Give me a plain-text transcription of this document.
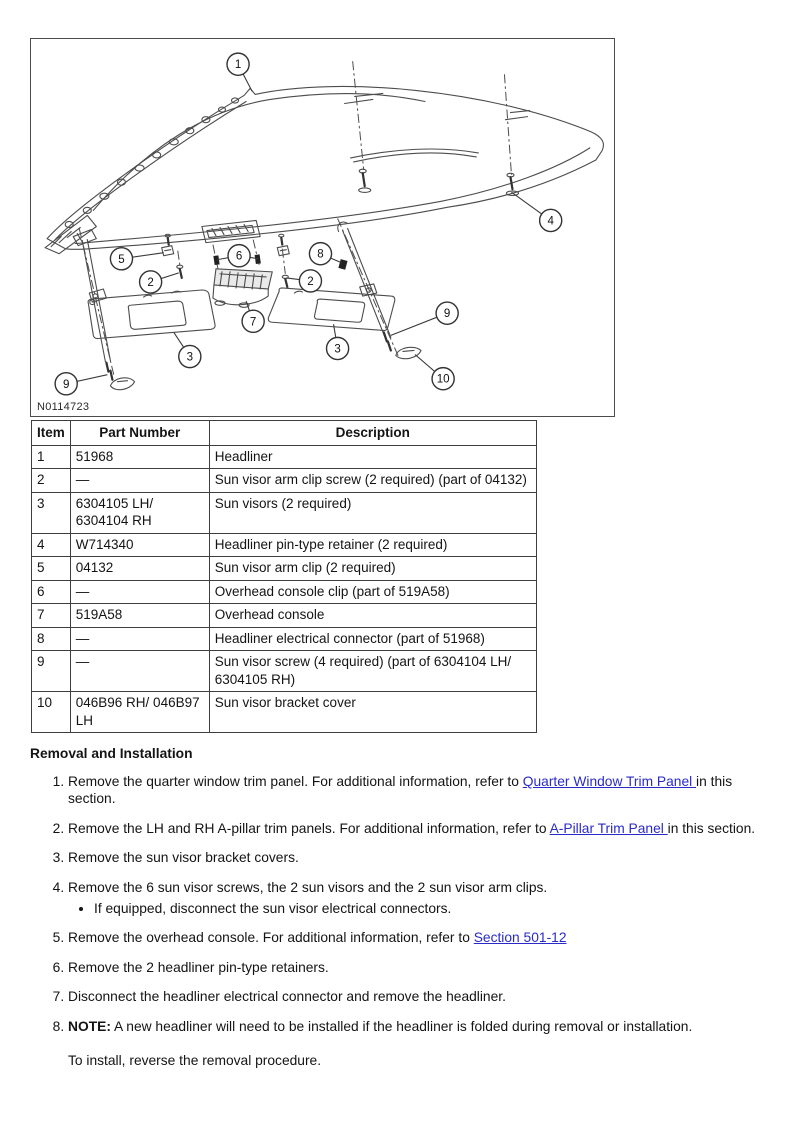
1
4
5
2
6
2
8
7
3
3
9
9
10
N0114723
Item	Part Number	Description
1	51968	Headliner
2	—	Sun visor arm clip screw (2 required) (part of 04132)
3	6304105 LH/ 6304104 RH	Sun visors (2 required)
4	W714340	Headliner pin-type retainer (2 required)
5	04132	Sun visor arm clip (2 required)
6	—	Overhead console clip (part of 519A58)
7	519A58	Overhead console
8	—	Headliner electrical connector (part of 51968)
9	—	Sun visor screw (4 required) (part of 6304104 LH/ 6304105 RH)
10	046B96 RH/ 046B97 LH	Sun visor bracket cover
Removal and Installation
1. Remove the quarter window trim panel. For additional information, refer to Quarter Window Trim Panel in this section.
2. Remove the LH and RH A-pillar trim panels. For additional information, refer to A-Pillar Trim Panel in this section.
3. Remove the sun visor bracket covers.
4. Remove the 6 sun visor screws, the 2 sun visors and the 2 sun visor arm clips.
• If equipped, disconnect the sun visor electrical connectors.
5. Remove the overhead console. For additional information, refer to Section 501-12
6. Remove the 2 headliner pin-type retainers.
7. Disconnect the headliner electrical connector and remove the headliner.
8. NOTE: A new headliner will need to be installed if the headliner is folded during removal or installation.
To install, reverse the removal procedure.
